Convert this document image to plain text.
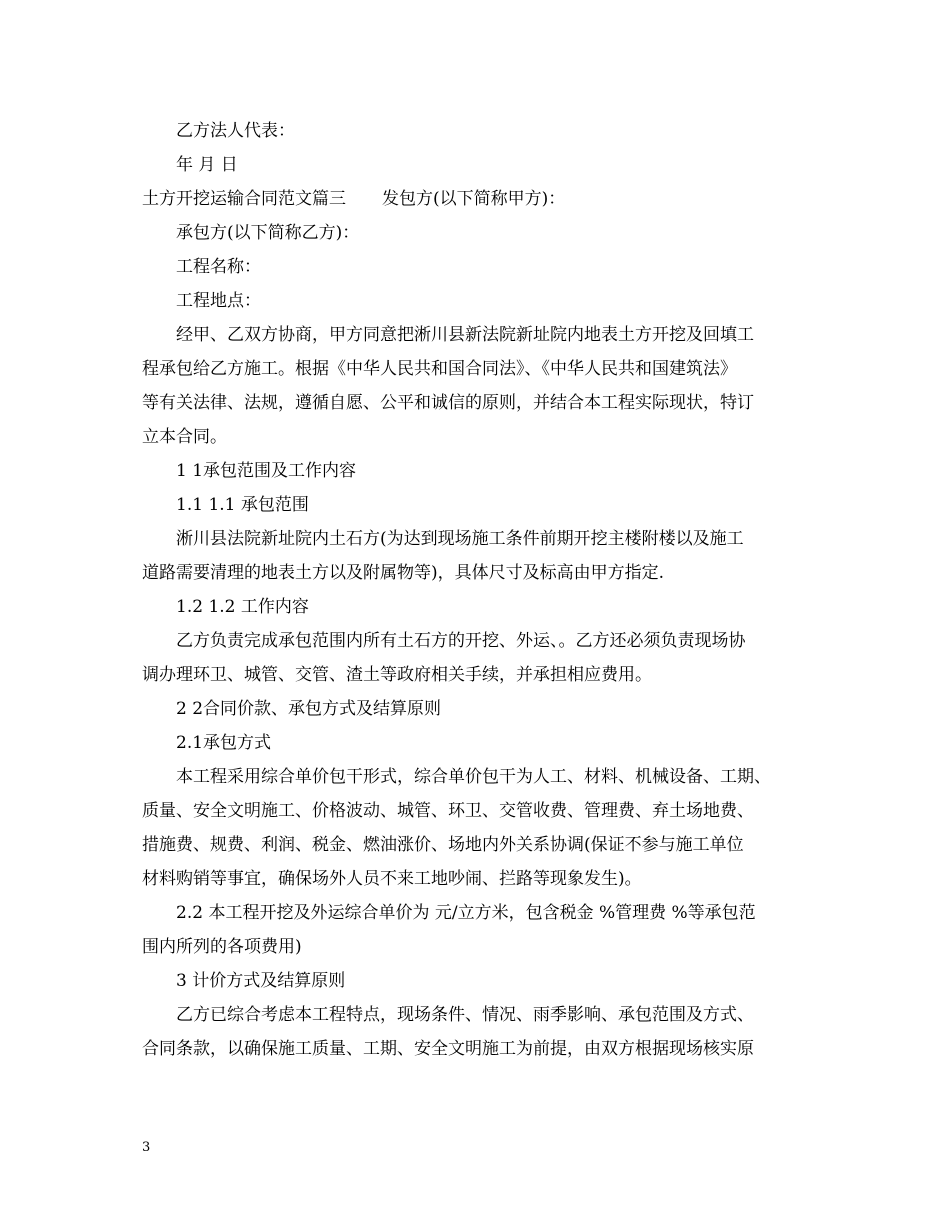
乙方法人代表：
年 月 日
土方开挖运输合同范文篇三 发包方(以下简称甲方)：
承包方(以下简称乙方)：
工程名称：
工程地点：
经甲、乙双方协商，甲方同意把淅川县新法院新址院内地表土方开挖及回填工
程承包给乙方施工。根据《中华人民共和国合同法》、《中华人民共和国建筑法》
等有关法律、法规，遵循自愿、公平和诚信的原则，并结合本工程实际现状，特订
立本合同。
1 1承包范围及工作内容
1.1 1.1 承包范围
淅川县法院新址院内土石方(为达到现场施工条件前期开挖主楼附楼以及施工
道路需要清理的地表土方以及附属物等)，具体尺寸及标高由甲方指定.
1.2 1.2 工作内容
乙方负责完成承包范围内所有土石方的开挖、外运、。乙方还必须负责现场协
调办理环卫、城管、交管、渣土等政府相关手续，并承担相应费用。
2 2合同价款、承包方式及结算原则
2.1承包方式
本工程采用综合单价包干形式，综合单价包干为人工、材料、机械设备、工期、
质量、安全文明施工、价格波动、城管、环卫、交管收费、管理费、弃土场地费、
措施费、规费、利润、税金、燃油涨价、场地内外关系协调(保证不参与施工单位
材料购销等事宜，确保场外人员不来工地吵闹、拦路等现象发生)。
2.2 本工程开挖及外运综合单价为 元/立方米，包含税金 %管理费 %等承包范
围内所列的各项费用)
3 计价方式及结算原则
乙方已综合考虑本工程特点，现场条件、情况、雨季影响、承包范围及方式、
合同条款，以确保施工质量、工期、安全文明施工为前提，由双方根据现场核实原
3
